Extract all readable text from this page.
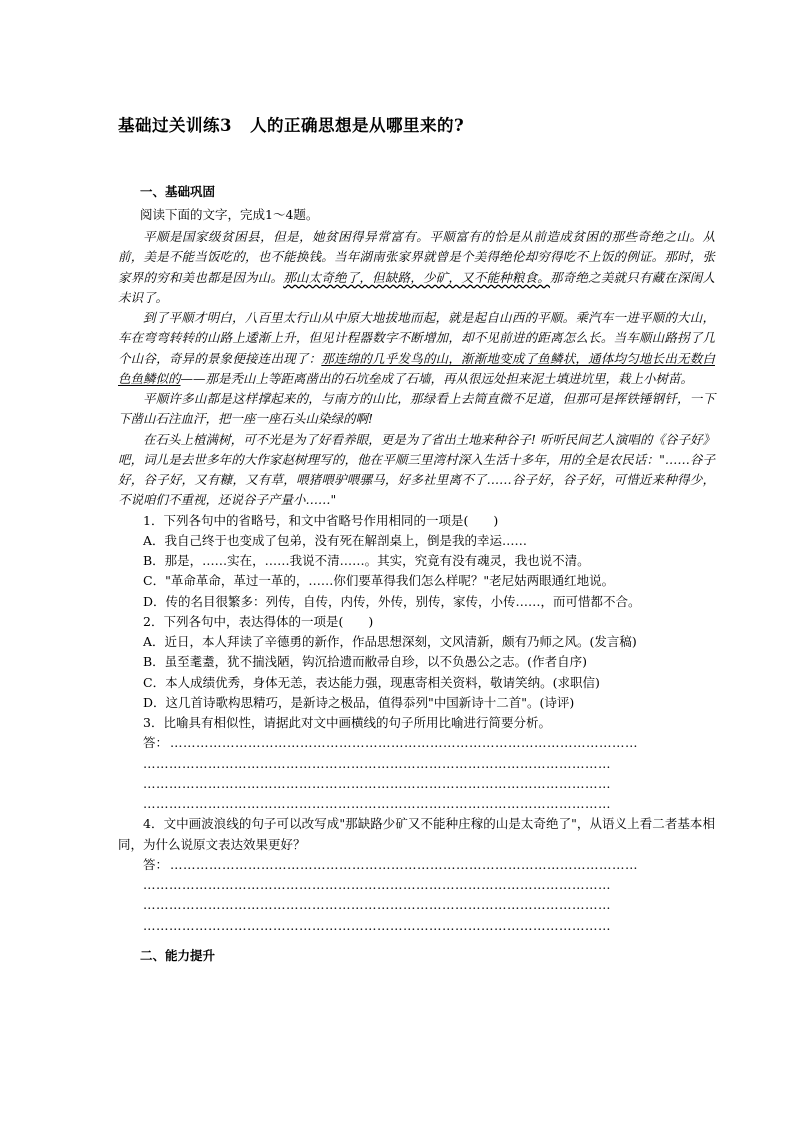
基础过关训练3 人的正确思想是从哪里来的?
一、基础巩固
阅读下面的文字，完成1～4题。

平顺是国家级贫困县，但是，她贫困得异常富有。平顺富有的恰是从前造成贫困的那些奇绝之山。从前，美是不能当饭吃的，也不能换钱。当年湖南张家界就曾是个美得绝伦却穷得吃不上饭的例证。那时，张家界的穷和美也都是因为山。那山太奇绝了，但缺路，少矿，又不能种粮食。那奇绝之美就只有藏在深闺人未识了。

到了平顺才明白，八百里太行山从中原大地拔地而起，就是起自山西的平顺。乘汽车一进平顺的大山，车在弯弯转转的山路上逶渐上升，但见计程器数字不断增加，却不见前进的距离怎么长。当车顺山路拐了几个山谷，奇异的景象便接连出现了：那连绵的几乎发鸟的山，渐渐地变成了鱼鳞状，通体均匀地长出无数白色鱼鳞似的——那是秃山上等距离凿出的石坑垒成了石墙，再从很远处担来泥土填进坑里，栽上小树苗。

平顺许多山都是这样撑起来的，与南方的山比，那绿看上去简直微不足道，但那可是挥铁锤钢钎，一下下凿山石注血汗，把一座一座石头山染绿的啊!

在石头上植满树，可不光是为了好看养眼，更是为了省出土地来种谷子! 听听民间艺人演唱的《谷子好》吧，词儿是去世多年的大作家赵树理写的，他在平顺三里湾村深入生活十多年，用的全是农民话："……谷子好，谷子好，又有糠，又有草，喂猪喂驴喂骡马，好多社里离不了……谷子好，谷子好，可惜近来种得少，不说咱们不重视，还说谷子产量小……"

1．下列各句中的省略号，和文中省略号作用相同的一项是(　　)

A．我自己终于也变成了包弟，没有死在解剖桌上，倒是我的幸运……

B．那是，……实在，……我说不清……。其实，究竟有没有魂灵，我也说不清。

C．"革命革命，革过一革的，……你们要革得我们怎么样呢？"老尼姑两眼通红地说。

D．传的名目很繁多：列传，自传，内传，外传，别传，家传，小传……，而可惜都不合。

2．下列各句中，表达得体的一项是(　　)

A．近日，本人拜读了辛德勇的新作，作品思想深刻，文风清新，颇有乃师之风。(发言稿)

B．虽至耄耋，犹不揣浅陋，钩沉拾遗而敝帚自珍，以不负愚公之志。(作者自序)

C．本人成绩优秀，身体无恙，表达能力强，现惠寄相关资料，敬请笑纳。(求职信)

D．这几首诗歌构思精巧，是新诗之极品，值得忝列"中国新诗十二首"。(诗评)

3．比喻具有相似性，请据此对文中画横线的句子所用比喻进行简要分析。

答： ………………………………………………………………………………………………

………………………………………………………………………………………………

………………………………………………………………………………………………

………………………………………………………………………………………………

4．文中画波浪线的句子可以改写成"那缺路少矿又不能种庄稼的山是太奇绝了"，从语义上看二者基本相同，为什么说原文表达效果更好？

答： ………………………………………………………………………………………………

………………………………………………………………………………………………

………………………………………………………………………………………………

………………………………………………………………………………………………

二、能力提升
